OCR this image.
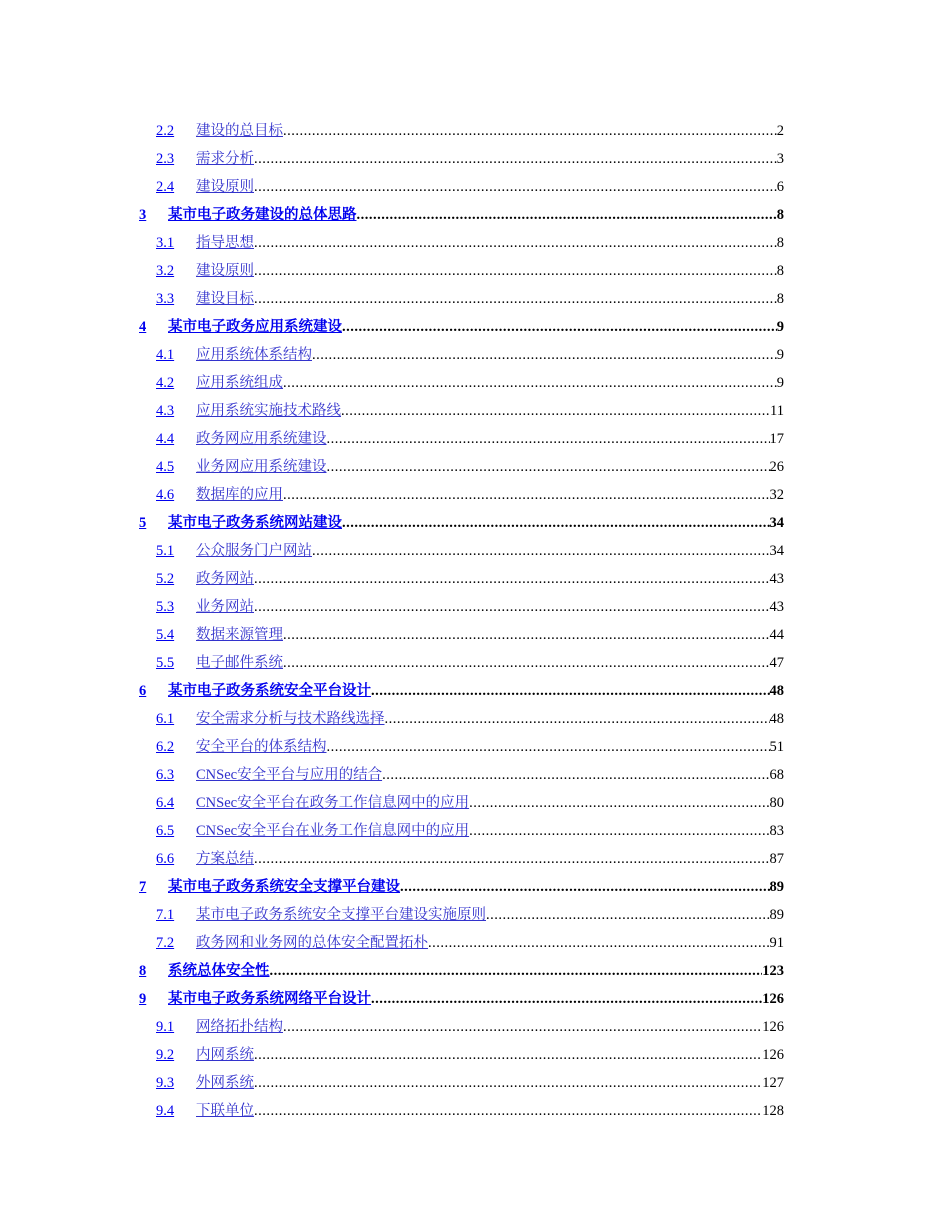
2.2	建设的总目标 .....	2
2.3	需求分析 .....	3
2.4	建设原则 .....	6
3	某市电子政务建设的总体思路 .....	8
3.1	指导思想 .....	8
3.2	建设原则 .....	8
3.3	建设目标 .....	8
4	某市电子政务应用系统建设 .....	9
4.1	应用系统体系结构 .....	9
4.2	应用系统组成 .....	9
4.3	应用系统实施技术路线 .....	11
4.4	政务网应用系统建设 .....	17
4.5	业务网应用系统建设 .....	26
4.6	数据库的应用 .....	32
5	某市电子政务系统网站建设 .....	34
5.1	公众服务门户网站 .....	34
5.2	政务网站 .....	43
5.3	业务网站 .....	43
5.4	数据来源管理 .....	44
5.5	电子邮件系统 .....	47
6	某市电子政务系统安全平台设计 .....	48
6.1	安全需求分析与技术路线选择 .....	48
6.2	安全平台的体系结构 .....	51
6.3	CNSec安全平台与应用的结合 .....	68
6.4	CNSec安全平台在政务工作信息网中的应用 .....	80
6.5	CNSec安全平台在业务工作信息网中的应用 .....	83
6.6	方案总结 .....	87
7	某市电子政务系统安全支撑平台建设 .....	89
7.1	某市电子政务系统安全支撑平台建设实施原则 .....	89
7.2	政务网和业务网的总体安全配置拓朴 .....	91
8	系统总体安全性 .....	123
9	某市电子政务系统网络平台设计 .....	126
9.1	网络拓扑结构 .....	126
9.2	内网系统 .....	126
9.3	外网系统 .....	127
9.4	下联单位 .....	128
